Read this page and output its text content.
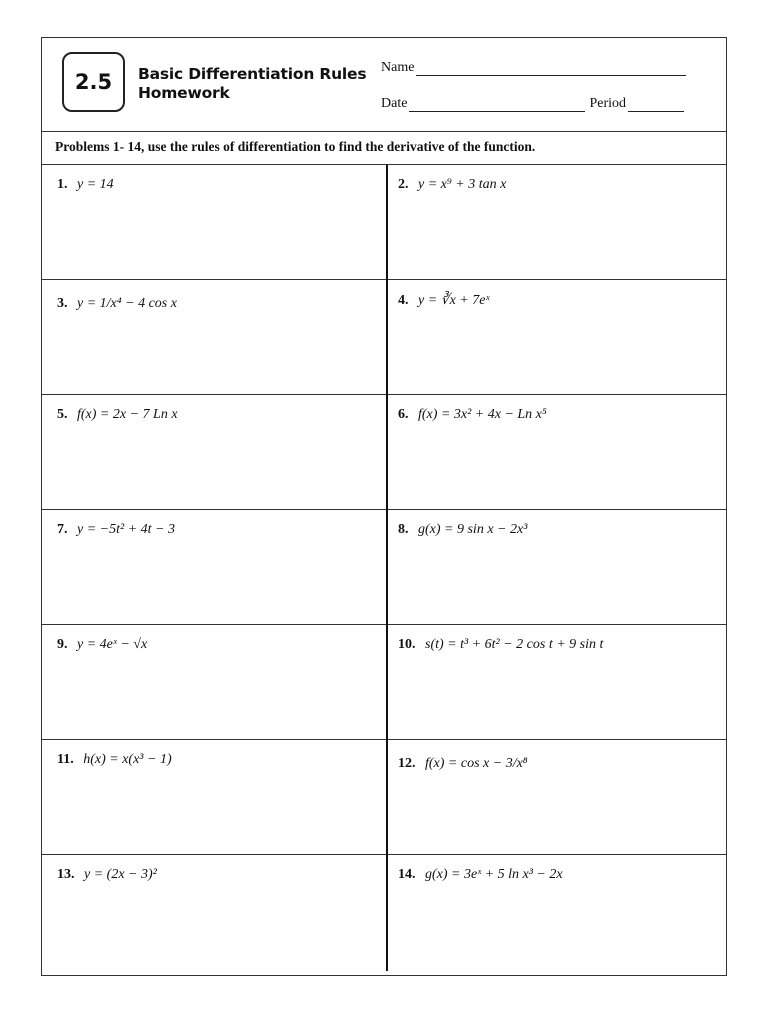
2.5 Basic Differentiation Rules
Homework
Name
Date	Period
Problems 1- 14, use the rules of differentiation to find the derivative of the function.
1. y = 14	2. y = x⁹ + 3 tan x
3. y = 1/x⁴ − 4 cos x	4. y = ∛x + 7eˣ
5. f(x) = 2x − 7 Ln x	6. f(x) = 3x² + 4x − Ln x⁵
7. y = −5t² + 4t − 3	8. g(x) = 9 sin x − 2x³
9. y = 4eˣ − √x	10. s(t) = t³ + 6t² − 2 cos t + 9 sin t
11. h(x) = x(x³ − 1)	12. f(x) = cos x − 3/x⁸
13. y = (2x − 3)²	14. g(x) = 3eˣ + 5 ln x³ − 2x
